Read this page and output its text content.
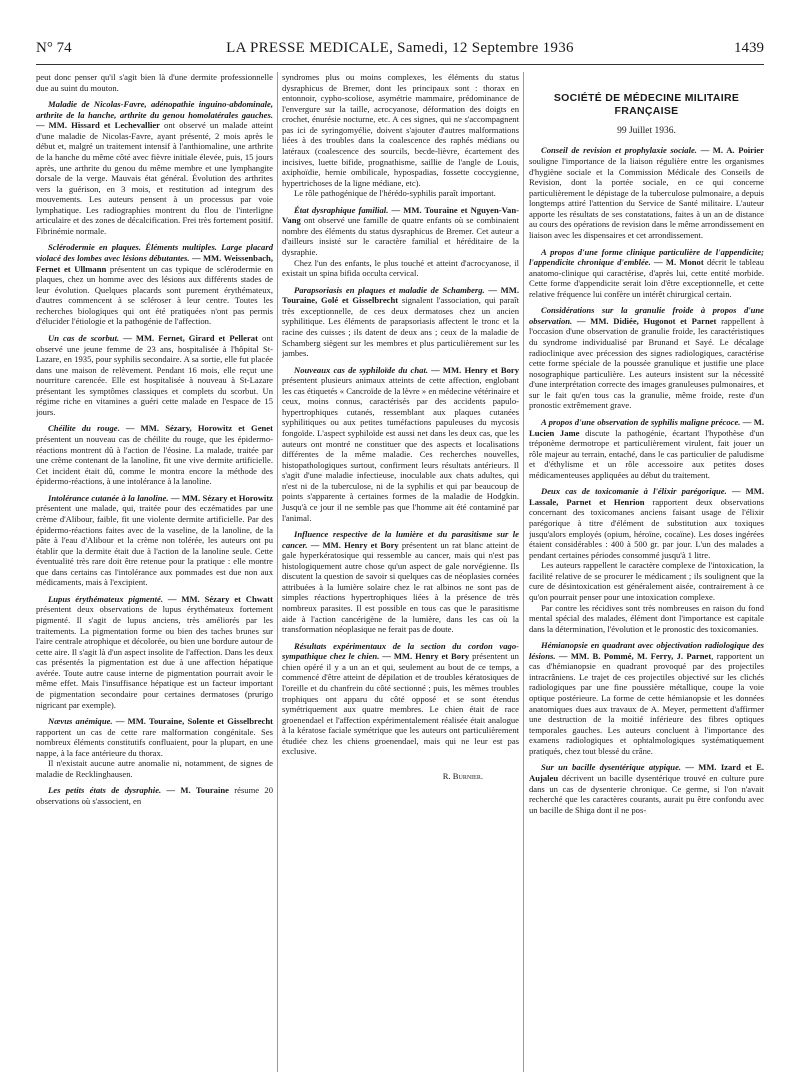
N° 74	LA PRESSE MEDICALE, Samedi, 12 Septembre 1936	1439

peut donc penser qu'il s'agit bien là d'une dermite professionnelle due au suint du mouton.

Maladie de Nicolas-Favre, adénopathie inguino-abdominale, arthrite de la hanche, arthrite du genou homolatérales gauches. — MM. Hissard et Lechevallier ont observé un malade atteint d'une maladie de Nicolas-Favre, ayant présenté, 2 mois après le début et, malgré un traitement intensif à l'anthiomaline, une arthrite de la hanche du même côté avec fièvre initiale élevée, puis, 15 jours après, une arthrite du genou du même membre et une lymphangite dorsale de la verge. Mauvais état général. Évolution des arthrites vers la guérison, en 3 mois, et restitution ad integrum des mouvements. Les auteurs pensent à un processus par voie lymphatique. Les radiographies montrent du flou de l'interligne articulaire et des zones de décalcification. Frei très fortement positif. Fibrinémie normale.

Sclérodermie en plaques. Éléments multiples. Large placard violacé des lombes avec lésions débutantes. — MM. Weissenbach, Fernet et Ullmann présentent un cas typique de sclérodermie en plaques, chez un homme avec des lésions aux différents stades de leur évolution. Quelques placards sont purement érythémateux, d'autres commencent à se scléroser à leur centre. Toutes les recherches biologiques qui ont été pratiquées n'ont pas permis d'élucider l'étiologie et la pathogénie de l'affection.

Un cas de scorbut. — MM. Fernet, Girard et Pellerat ont observé une jeune femme de 23 ans, hospitalisée à l'hôpital St-Lazare, en 1935, pour syphilis secondaire. A sa sortie, elle fut placée dans une maison de relèvement. Pendant 16 mois, elle reçut une nourriture carencée. Elle est hospitalisée à nouveau à St-Lazare présentant les symptômes classiques et complets du scorbut. Un régime riche en vitamines a guéri cette malade en l'espace de 15 jours.

Chéilite du rouge. — MM. Sézary, Horowitz et Genet présentent un nouveau cas de chéilite du rouge, que les épidermo-réactions montrent dû à l'action de l'éosine. La malade, traitée par une crème contenant de la lanoline, fit une vive dermite artificielle. Cet incident était dû, comme le montra encore la méthode des épidermo-réactions, à une intolérance à la lanoline.

Intolérance cutanée à la lanoline. — MM. Sézary et Horowitz présentent une malade, qui, traitée pour des eczématides par une crème d'Alibour, faible, fit une violente dermite artificielle. Par des épidermo-réactions faites avec de la vaseline, de la lanoline, de la pâte à l'eau d'Alibour et la crème non tolérée, les auteurs ont pu établir que la dermite était due à l'action de la lanoline seule. Cette éventualité très rare doit être retenue pour la pratique : elle montre que dans certains cas l'intolérance aux pommades est due non aux médicaments, mais à l'excipient.

Lupus érythémateux pigmenté. — MM. Sézary et Chwatt présentent deux observations de lupus érythémateux fortement pigmenté. Il s'agit de lupus anciens, très améliorés par les traitements. La pigmentation forme ou bien des taches brunes sur l'aire centrale atrophique et décolorée, ou bien une bordure autour de cette aire. Il s'agit là d'un aspect insolite de l'affection. Dans les deux cas présentés la pigmentation est due à une affection hépatique avérée. Toute autre cause interne de pigmentation pourrait avoir le même effet. Mais l'insuffisance hépatique est un facteur important de pigmentation secondaire pour certaines dermatoses (prurigo nigricant par exemple).

Nævus anémique. — MM. Touraine, Solente et Gisselbrecht rapportent un cas de cette rare malformation congénitale. Ses nombreux éléments constitutifs confluaient, pour la plupart, en une nappe, à la face antérieure du thorax.

Il n'existait aucune autre anomalie ni, notamment, de signes de maladie de Recklinghausen.

Les petits états de dysraphie. — M. Touraine résume 20 observations où s'associent, en

syndromes plus ou moins complexes, les éléments du status dysraphicus de Bremer, dont les principaux sont : thorax en entonnoir, cypho-scoliose, asymétrie mammaire, prédominance de l'envergure sur la taille, acrocyanose, déformation des doigts en crochet, énurésie nocturne, etc. A ces signes, qui ne s'accompagnent pas ici de syringomyélie, doivent s'ajouter d'autres malformations liées à des troubles dans la coalescence des raphés médians ou latéraux (coalescence des sourcils, becde-lièvre, écartement des incisives, luette bifide, prognathisme, saillie de l'angle de Louis, axiphoïdie, hernie ombilicale, hypospadias, fossette coccygienne, hypertrichoses de la ligne médiane, etc).

Le rôle pathogénique de l'hérédo-syphilis paraît important.

État dysraphique familial. — MM. Touraine et Nguyen-Van-Vang ont observé une famille de quatre enfants où se combinaient nombre des éléments du status dysraphicus de Bremer. Cet auteur a d'ailleurs insisté sur le caractère familial et héréditaire de la dysraphie.

Chez l'un des enfants, le plus touché et atteint d'acrocyanose, il existait un spina bifida occulta cervical.

Parapsoriasis en plaques et maladie de Schamberg. — MM. Touraine, Golé et Gisselbrecht signalent l'association, qui paraît très exceptionnelle, de ces deux dermatoses chez un ancien syphilitique. Les éléments de parapsoriasis affectent le tronc et la racine des cuisses ; ils datent de deux ans ; ceux de la maladie de Schamberg siègent sur les membres et plus particulièrement sur les jambes.

Nouveaux cas de syphiloïde du chat. — MM. Henry et Bory présentent plusieurs animaux atteints de cette affection, englobant les cas étiquetés « Cancroïde de la lèvre » en médecine vétérinaire et ceux, moins connus, caractérisés par des accidents papulo-hypertrophiques cutanés, ressemblant aux plaques cutanées syphilitiques ou aux petites tuméfactions papuleuses du mycosis fongoïde. L'aspect syphiloïde est aussi net dans les deux cas, que les auteurs ont montré ne constituer que des aspects et localisations différentes de la même maladie. Ces recherches nouvelles, histopathologiques surtout, confirment leurs résultats antérieurs. Il s'agit d'une maladie infectieuse, inoculable aux chats adultes, qui n'est ni de la tuberculose, ni de la syphilis et qui par beaucoup de points s'apparente à certaines formes de la maladie de Hodgkin. Jusqu'à ce jour il ne semble pas que l'homme ait été contaminé par l'animal.

Influence respective de la lumière et du parasitisme sur le cancer. — MM. Henry et Bory présentent un rat blanc atteint de gale hyperkératosique qui ressemble au cancer, mais qui n'est pas histologiquement autre chose qu'un aspect de gale norvégienne. Ils discutent la question de savoir si quelques cas de néoplasies cornées attribuées à la lumière solaire chez le rat albinos ne sont pas de simples réactions hypertrophiques liées à la présence de très nombreux parasites. Il est possible en tous cas que le parasitisme aide à l'action cancérigène de la lumière, dans les cas où la transformation néoplasique ne ferait pas de doute.

Résultats expérimentaux de la section du cordon vago-sympathique chez le chien. — MM. Henry et Bory présentent un chien opéré il y a un an et qui, seulement au bout de ce temps, a commencé d'être atteint de dépilation et de troubles kératosiques de l'oreille et du chanfrein du côté sectionné ; puis, les mêmes troubles trophiques ont apparu du côté opposé et se sont étendus symétriquement aux quatre membres. Le chien était de race groenendael et l'affection expérimentalement réalisée était analogue à la kératose faciale symétrique que les auteurs ont particulièrement étudiée chez les chiens groenendael, mais qui ne leur est pas exclusive.

R. Burnier.
SOCIÉTÉ DE MÉDECINE MILITAIRE FRANÇAISE
99 Juillet 1936.

Conseil de revision et prophylaxie sociale. — M. A. Poirier souligne l'importance de la liaison régulière entre les organismes d'hygiène sociale et la Commission Médicale des Conseils de Revision, dont la portée sociale, en ce qui concerne particulièrement le dépistage de la tuberculose pulmonaire, a depuis longtemps attiré l'attention du Service de Santé militaire. L'auteur apporte les résultats de ses constatations, faites à un an de distance au cours des opérations de revision dans le même arrondissement en liaison avec les dispensaires et cet arrondissement.

A propos d'une forme clinique particulière de l'appendicite; l'appendicite chronique d'emblée. — M. Monot décrit le tableau anatomo-clinique qui caractérise, d'après lui, cette entité morbide. Cette forme d'appendicite serait loin d'être exceptionnelle, et cette relative fréquence lui confère un intérêt chirurgical certain.

Considérations sur la granulie froide à propos d'une observation. — MM. Didiée, Hugonot et Parnet rappellent à l'occasion d'une observation de granulie froide, les caractéristiques du syndrome individualisé par Brunand et Sayé. Le décalage radioclinique avec précession des signes radiologiques, caractérise cette forme spéciale de la poussée granulique et justifie une place nosographique particulière. Les auteurs insistent sur la nécessité d'une interprétation correcte des images granuleuses pulmonaires, et sur le fait qu'en tous cas la granulie, même froide, reste d'un pronostic extrêmement grave.

A propos d'une observation de syphilis maligne précoce. — M. Lucien Jame discute la pathogénie, écartant l'hypothèse d'un tréponème dermotrope et particulièrement virulent, fait jouer un rôle majeur au terrain, entaché, dans le cas particulier de paludisme et d'éthylisme et un rôle accessoire aux petites doses médicamenteuses appliquées au début du traitement.

Deux cas de toxicomanie à l'élixir parégorique. — MM. Lassale, Parnet et Henrion rapportent deux observations concernant des toxicomanes anciens faisant usage de l'élixir parégorique à titre d'élément de substitution aux toxiques jusqu'alors employés (opium, héroïne, cocaïne). Les doses ingérées étaient considérables : 400 à 500 gr. par jour. L'un des malades a pendant certaines périodes consommé jusqu'à 1 litre.

Les auteurs rappellent le caractère complexe de l'intoxication, la facilité relative de se procurer le médicament ; ils soulignent que la cure de désintoxication est généralement aisée, contrairement à ce qu'on pourrait penser pour une intoxication complexe.

Par contre les récidives sont très nombreuses en raison du fond mental spécial des malades, élément dont l'importance est capitale dans la détermination, l'évolution et le pronostic des toxicomanies.

Hémianopsie en quadrant avec objectivation radiologique des lésions. — MM. B. Pommé, M. Ferry, J. Parnet, rapportent un cas d'hémianopsie en quadrant provoqué par des projectiles intracrâniens. Le trajet de ces projectiles objectivé sur les clichés radiologiques par une fine poussière métallique, coupe la voie optique postérieure. La forme de cette hémianopsie et les données anatomiques dues aux travaux de A. Meyer, permettent d'affirmer une destruction de la moitié inférieure des fibres optiques temporales gauches. Les auteurs concluent à l'importance des examens radiologiques et ophtalmologiques systématiquement pratiqués, chez tout blessé du crâne.

Sur un bacille dysentérique atypique. — MM. Izard et E. Aujaleu décrivent un bacille dysentérique trouvé en culture pure dans un cas de dysenterie chronique. Ce germe, si l'on n'avait recherché que les caractères courants, aurait pu être confondu avec un bacille de Shiga dont il ne pos-
